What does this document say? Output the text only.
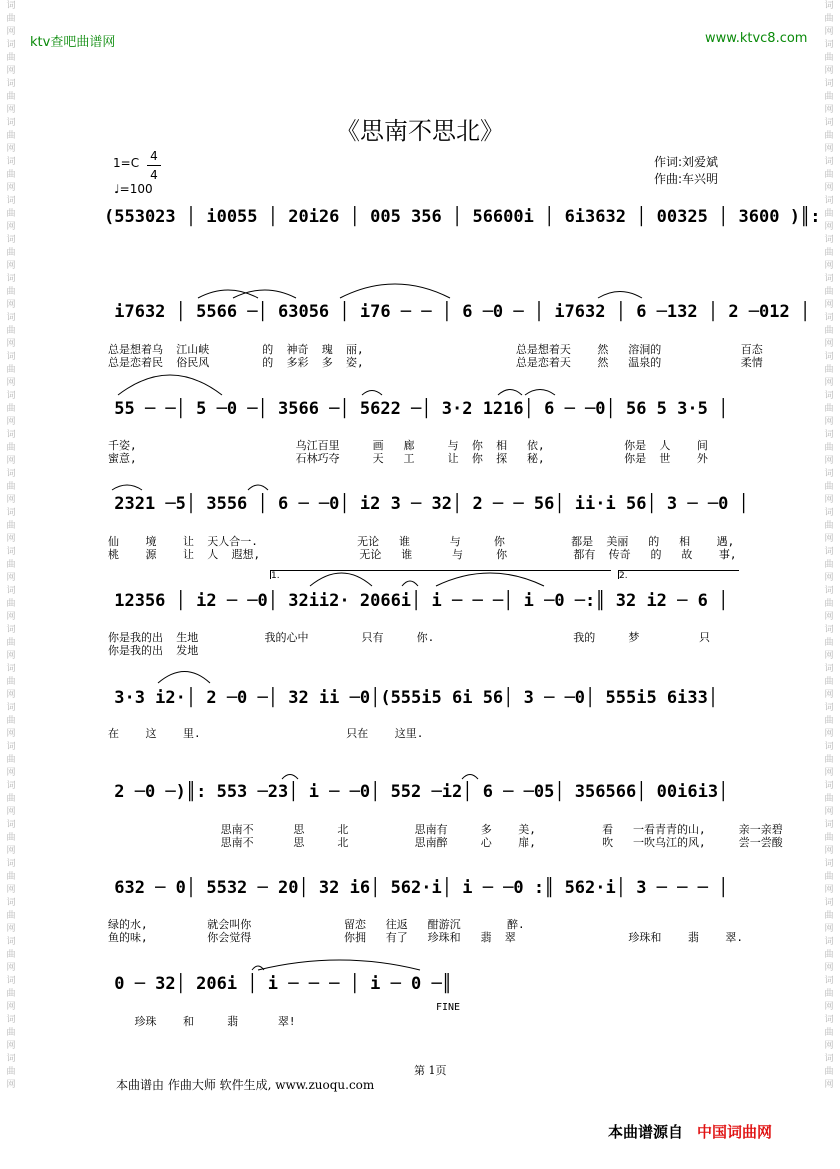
词
曲
网
词
曲
网
词
曲
网
词
曲
网
词
曲
网
词
曲
网
词
曲
网
词
曲
网
词
曲
网
词
曲
网
词
曲
网
词
曲
网
词
曲
网
词
曲
网
词
曲
网
词
曲
网
词
曲
网
词
曲
网
词
曲
网
词
曲
网
词
曲
网
词
曲
网
词
曲
网
词
曲
网
词
曲
网
词
曲
网
词
曲
网
词
曲
网
词
曲
网
词
曲
网
词
曲
网
词
曲
网
词
曲
网
词
曲
网
词
曲
网
词
曲
网
词
曲
网
词
曲
网
词
曲
网
词
曲
网
词
曲
网
词
曲
网
词
曲
网
词
曲
网
词
曲
网
词
曲
网
词
曲
网
词
曲
网
词
曲
网
词
曲
网
词
曲
网
词
曲
网
词
曲
网
词
曲
网
词
曲
网
词
曲
网
ktv查吧曲谱网	www.ktvc8.com
《思南不思北》
$1=C \frac{4}{4}$
♩=100
作词:刘爱斌
作曲:车兴明
(553023 │ i0055 │ 20i26 │ 005 356 │ 56600i │ 6i3632 │ 00325 │ 3600 )║:
i7632 │ 5566 ─│ 63056 │ i76 ─ ─ │ 6 ─0 ─ │ i7632 │ 6 ─132 │ 2 ─012 │
总是想着乌  江山峡        的  神奇  瑰  丽,                       总是想着天    然   溶洞的            百态
总是恋着民  俗民风        的  多彩  多  姿,                       总是恋着天    然   温泉的            柔情
55 ─ ─│ 5 ─0 ─│ 3566 ─│ 5622 ─│ 3·2 1216│ 6 ─ ─0│ 56 5 3·5 │
千姿,                        乌江百里     画   廊     与  你  相   依,            你是  人    间
蜜意,                        石林巧夺     天   工     让  你  探   秘,            你是  世    外
2321 ─5│ 3556 │ 6 ─ ─0│ i2 3 ─ 32│ 2 ─ ─ 56│ ii·i 56│ 3 ─ ─0 │
仙    境    让  天人合一.               无论   谁      与     你          都是  美丽   的   相    遇,
桃    源    让  人  遐想,               无论   谁      与     你          都有  传奇   的   故    事,
1.	2.
12356 │ i2 ─ ─0│ 32ii2· 2066i│ i ─ ─ ─│ i ─0 ─:║ 32 i2 ─ 6 │
你是我的出  生地          我的心中        只有     你.                     我的     梦         只
你是我的出  发地
3·3 i2·│ 2 ─0 ─│ 32 ii ─0│(555i5 6i 56│ 3 ─ ─0│ 555i5 6i33│
在    这    里.                      只在    这里.
2 ─0 ─)║: 553 ─23│ i ─ ─0│ 552 ─i2│ 6 ─ ─05│ 356566│ 00i6i3│
思南不      思     北          思南有     多    美,          看   一看青青的山,     亲一亲碧
思南不      思     北          思南醉     心    扉,          吹   一吹乌江的风,     尝一尝酸
632 ─ 0│ 5532 ─ 20│ 32 i6│ 562·i│ i ─ ─0 :║ 562·i│ 3 ─ ─ ─ │
绿的水,         就会叫你              留恋   往返   酣游沉       醉.
鱼的味,         你会觉得              你拥   有了   珍珠和   翡  翠                 珍珠和    翡    翠.
0 ─ 32│ 206i │ i ─ ─ ─ │ i ─ 0 ─║
FINE
珍珠    和     翡      翠!
第 1页
本曲谱由 作曲大师 软件生成, www.zuoqu.com
本曲谱源自 中国词曲网
